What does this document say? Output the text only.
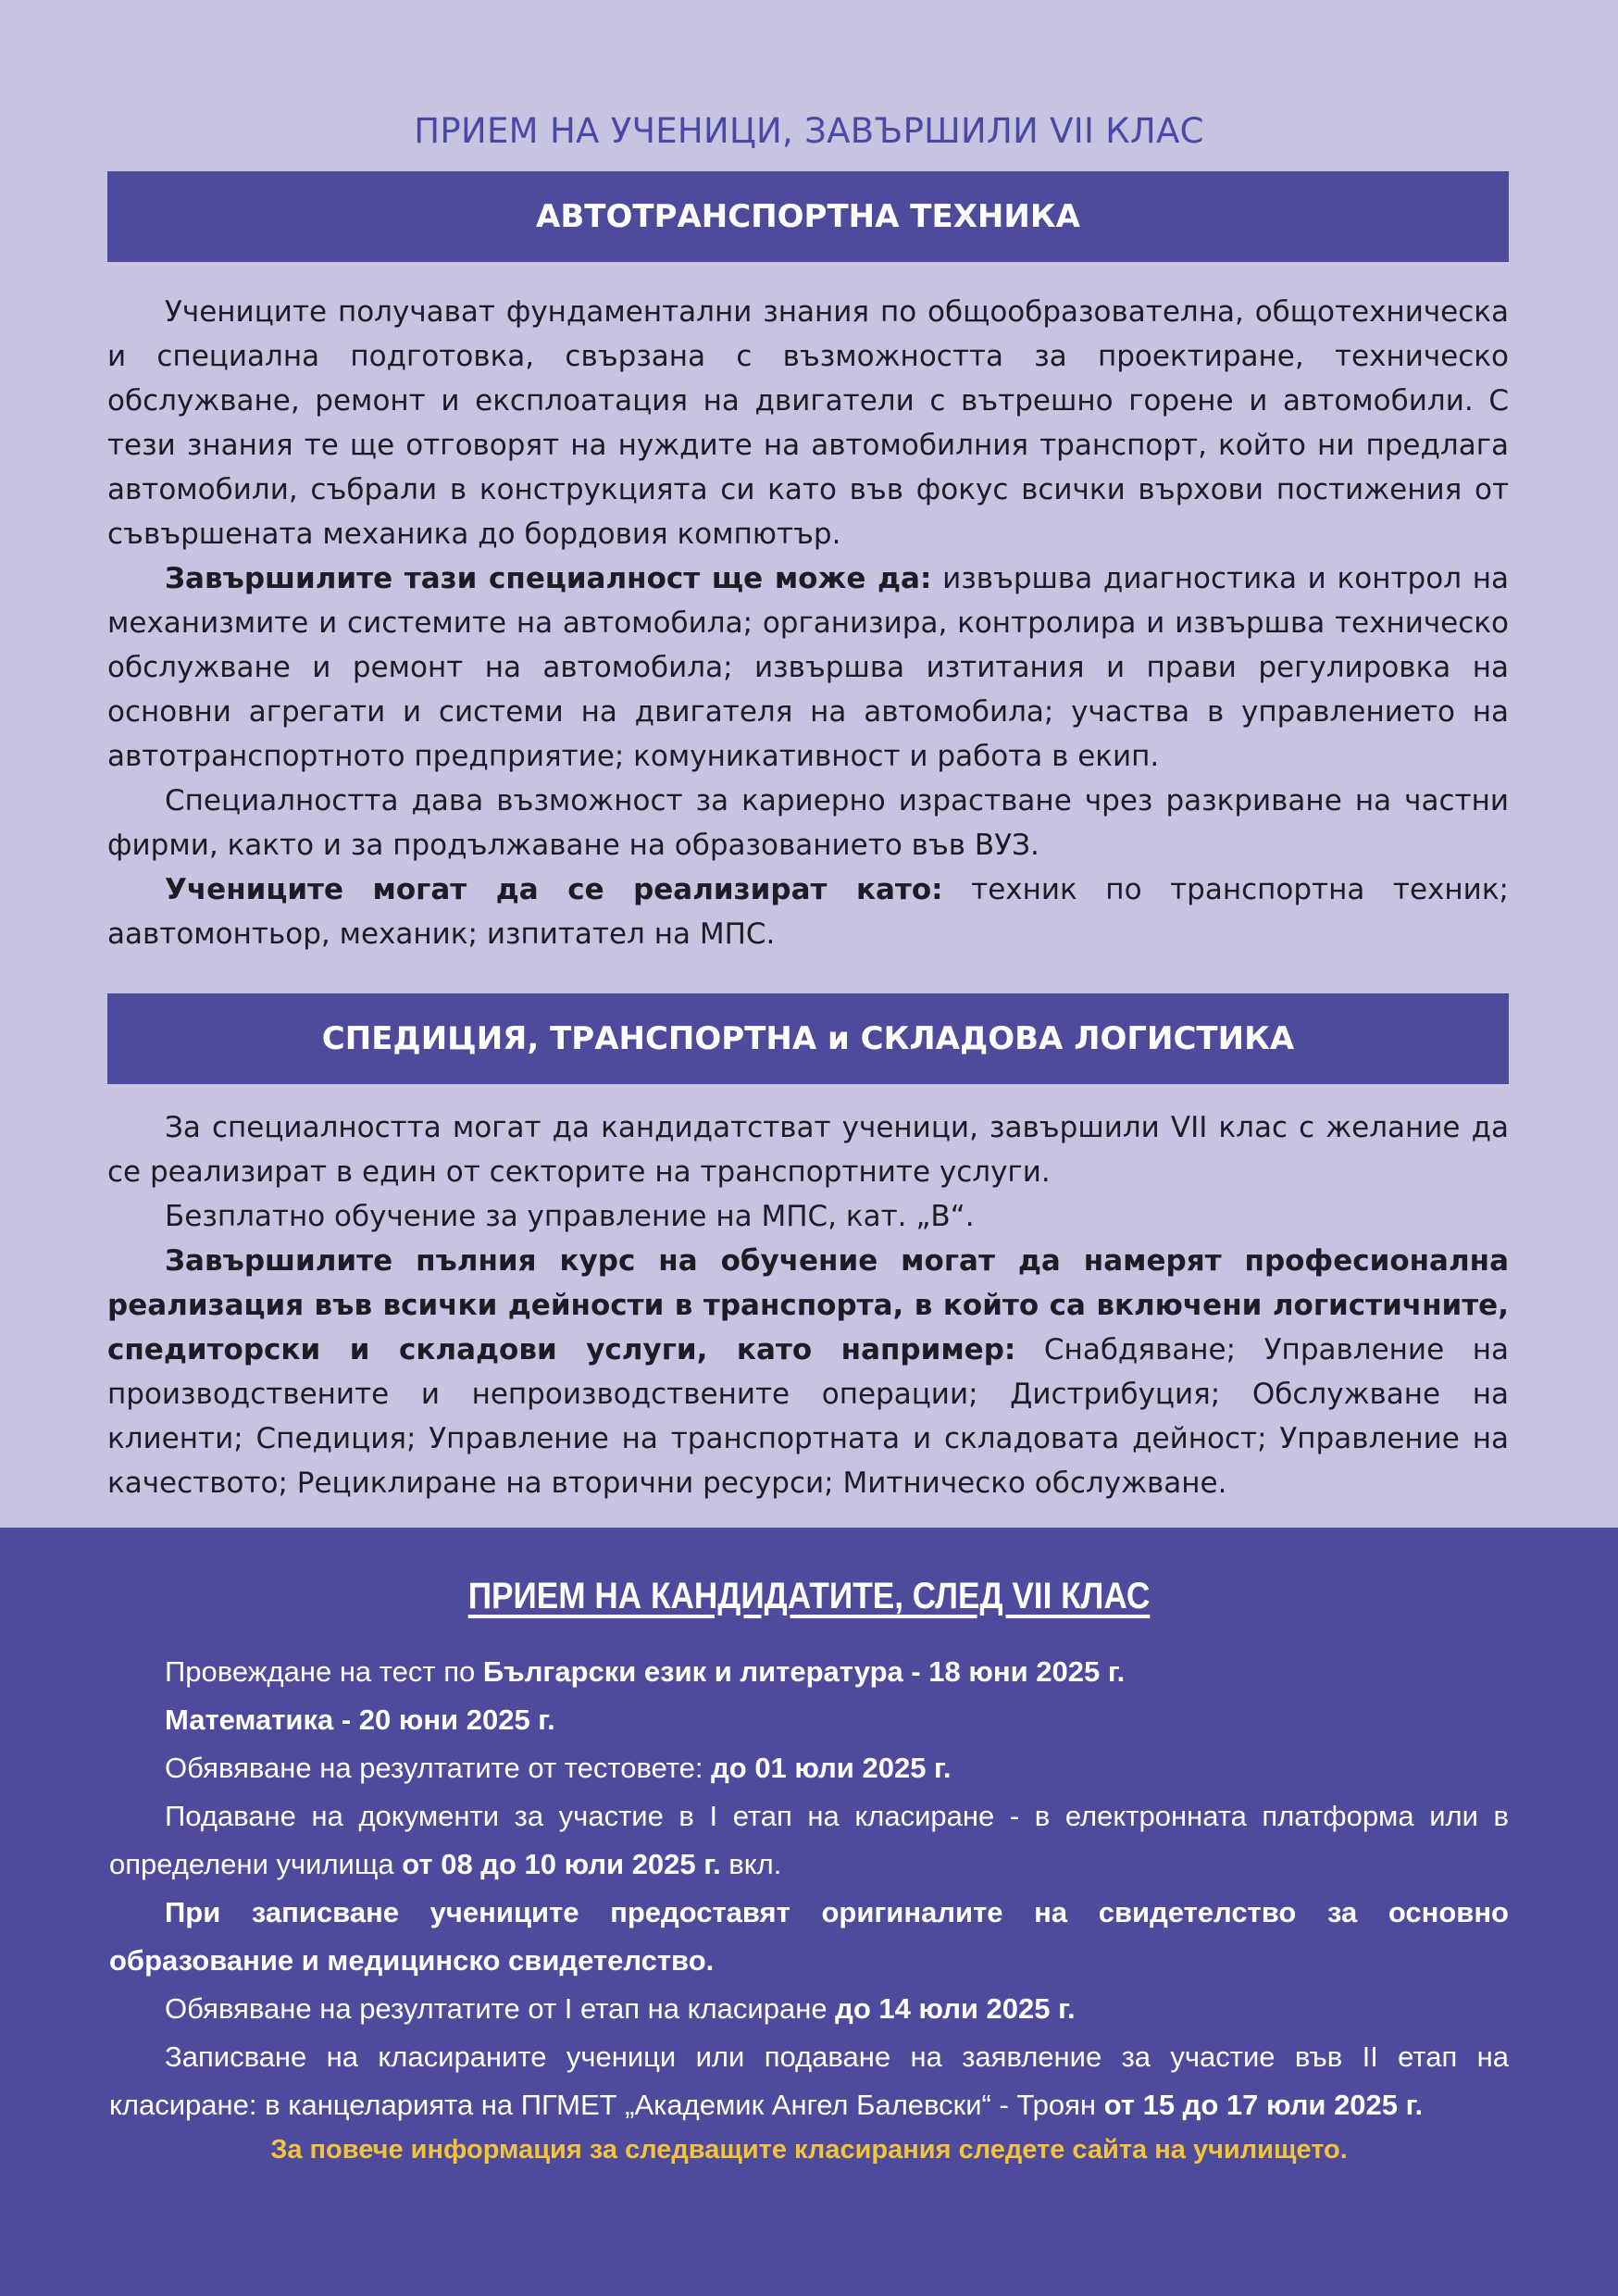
ПРИЕМ НА УЧЕНИЦИ, ЗАВЪРШИЛИ VII КЛАС
АВТОТРАНСПОРТНА ТЕХНИКА

Учениците получават фундаментални знания по общообразователна, общотехническа и специална подготовка, свързана с възможността за проектиране, техническо обслужване, ремонт и експлоатация на двигатели с вътрешно горене и автомобили. С тези знания те ще отговорят на нуждите на автомобилния транспорт, който ни предлага автомобили, събрали в конструкцията си като във фокус всички върхови постижения от съвършената механика до бордовия компютър.

Завършилите тази специалност ще може да: извършва диагностика и контрол на механизмите и системите на автомобила; организира, контролира и извършва техническо обслужване и ремонт на автомобила; извършва изтитания и прави регулировка на основни агрегати и системи на двигателя на автомобила; участва в управлението на автотранспортното предприятие; комуникативност и работа в екип.

Специалността дава възможност за кариерно израстване чрез разкриване на частни фирми, както и за продължаване на образованието във ВУЗ.

Учениците могат да се реализират като: техник по транспортна техник; аавтомонтьор, механик; изпитател на МПС.

СПЕДИЦИЯ, ТРАНСПОРТНА и СКЛАДОВА ЛОГИСТИКА

За специалността могат да кандидатстват ученици, завършили VII клас с желание да се реализират в един от секторите на транспортните услуги.

Безплатно обучение за управление на МПС, кат. „В“.

Завършилите пълния курс на обучение могат да намерят професионална реализация във всички дейности в транспорта, в който са включени логистичните, спедиторски и складови услуги, като например: Снабдяване; Управление на производствените и непроизводствените операции; Дистрибуция; Обслужване на клиенти; Спедиция; Управление на транспортната и складовата дейност; Управление на качеството; Рециклиране на вторични ресурси; Митническо обслужване.

ПРИЕМ НА КАНДИДАТИТЕ, СЛЕД VII КЛАС

Провеждане на тест по Български език и литература - 18 юни 2025 г.

Математика - 20 юни 2025 г.

Обявяване на резултатите от тестовете: до 01 юли 2025 г.

Подаване на документи за участие в I етап на класиране - в електронната платформа или в определени училища от 08 до 10 юли 2025 г. вкл.

При записване учениците предоставят оригиналите на свидетелство за основно образование и медицинско свидетелство.

Обявяване на резултатите от I етап на класиране до 14 юли 2025 г.

Записване на класираните ученици или подаване на заявление за участие във II етап на класиране: в канцеларията на ПГМЕТ „Академик Ангел Балевски“ - Троян от 15 до 17 юли 2025 г.

За повече информация за следващите класирания следете сайта на училището.
